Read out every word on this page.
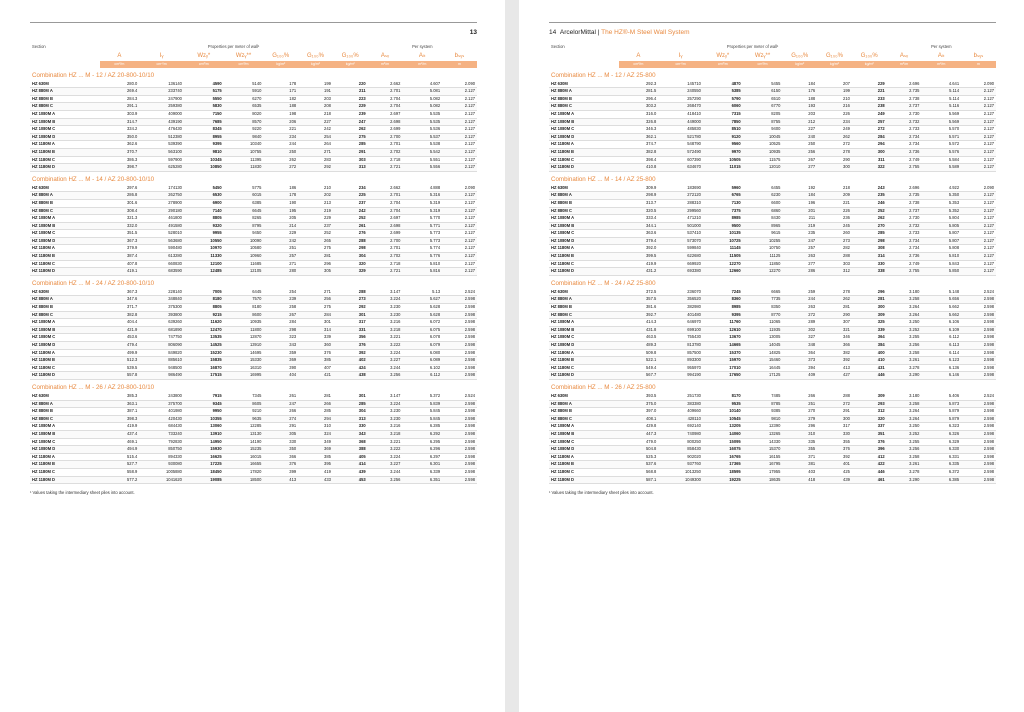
13
Section	Properties per meter of wall¹							Per system		
	A	Iᵧ	Wᴢᵧ*	Wᴢᵧ**	G₁₀₀%	G₁₀₀%	G₁₀₀%	Aₛᵥ	Aₗₜ	bₛᵧₛ
	cm²/m	cm⁴/m	cm³/m	cm³/m	kg/m²	kg/m²	kg/m²	m²/m	m²/m	m
Combination HZ ... M - 12 / AZ 20-800-10/10										
HZ 630M	280.0	136140	4590	5140	178	199	220	2.662	4.607	2.090
HZ 880M A	269.4	233740	5175	5910	171	191	211	2.701	5.081	2.127
HZ 880M B	284.3	247900	5550	6270	182	203	223	2.704	5.082	2.127
HZ 880M C	291.1	259380	5830	6535	188	208	229	2.704	5.082	2.127
HZ 1080M A	303.9	409000	7150	8020	198	218	239	2.697	5.535	2.127
HZ 1080M B	314.7	439190	7685	8570	206	227	247	2.698	5.535	2.127
HZ 1080M C	334.2	476430	8345	9220	221	242	262	2.699	5.536	2.127
HZ 1080M D	350.0	512380	8955	9840	234	254	275	2.700	5.537	2.127
HZ 1180M A	362.6	539390	9395	10340	244	264	285	2.701	5.538	2.127
HZ 1180M B	370.7	563100	9810	10755	250	271	291	2.702	5.542	2.127
HZ 1180M C	386.3	597900	10345	11395	262	283	303	2.718	5.551	2.127
HZ 1180M D	398.7	625280	10850	11830	272	292	313	2.721	5.556	2.127
Combination HZ ... M - 14 / AZ 20-800-10/10										
HZ 630M	297.6	174130	5450	5775	186	210	234	2.662	4.888	2.090
HZ 880M A	286.8	262750	6530	6015	178	202	225	2.701	5.316	2.127
HZ 880M B	301.6	278900	6900	6385	190	213	237	2.704	5.319	2.127
HZ 880M C	308.4	290180	7140	6645	195	219	242	2.704	5.319	2.127
HZ 1080M A	321.3	461800	8805	8265	205	229	252	2.697	5.770	2.127
HZ 1080M B	332.0	491580	9320	8795	214	237	261	2.698	5.771	2.127
HZ 1080M C	351.5	528010	9955	9450	229	252	276	2.699	5.773	2.127
HZ 1080M D	367.3	563680	10550	10090	242	265	288	2.700	5.773	2.127
HZ 1180M A	379.9	590480	10970	10580	251	275	298	2.701	5.774	2.127
HZ 1180M B	387.4	613280	11330	10960	257	281	304	2.702	5.776	2.127
HZ 1180M C	407.8	660830	12100	11685	271	296	320	2.718	5.810	2.127
HZ 1180M D	419.1	683590	12485	12105	280	305	329	2.721	5.816	2.127
Combination HZ ... M - 24 / AZ 20-800-10/10										
HZ 630M	367.3	228140	7005	6445	254	271	288	3.147	5.13	2.524
HZ 880M A	347.6	348840	8180	7570	239	256	273	3.224	5.627	2.598
HZ 880M B	371.7	375300	8805	8180	258	275	292	3.230	5.628	2.598
HZ 880M C	382.8	393800	9215	8600	267	284	301	3.230	5.628	2.598
HZ 1080M A	404.4	639260	11620	10935	284	301	317	3.216	6.072	2.598
HZ 1080M B	421.9	681890	12470	11800	298	314	331	3.218	6.075	2.598
HZ 1080M C	453.6	747750	13535	12870	323	339	356	3.221	6.078	2.598
HZ 1080M D	479.4	806090	14525	13910	343	360	376	3.222	6.079	2.598
HZ 1180M A	499.9	849820	15230	14695	359	376	392	3.224	6.080	2.598
HZ 1180M B	512.3	885610	15835	15330	369	385	402	3.227	6.089	2.598
HZ 1180M C	539.5	948500	16870	16310	390	407	424	3.244	6.102	2.598
HZ 1180M D	557.8	986490	17515	16995	404	421	438	3.256	6.112	2.598
Combination HZ ... M - 26 / AZ 20-800-10/10										
HZ 630M	385.3	243800	7915	7345	261	281	301	3.147	5.372	2.524
HZ 880M A	363.1	375700	9345	8605	247	266	285	3.224	5.839	2.598
HZ 880M B	387.1	401980	9950	9210	266	285	304	3.230	5.845	2.598
HZ 880M C	398.3	420430	10355	9635	274	294	313	3.230	5.845	2.598
HZ 1080M A	419.9	684430	13060	12285	291	310	330	3.216	6.285	2.598
HZ 1080M B	437.4	733240	13910	13130	305	324	343	3.218	6.292	2.598
HZ 1080M C	469.1	792830	14950	14190	330	349	368	3.221	6.295	2.598
HZ 1080M D	494.9	850750	15930	15235	350	369	388	3.222	6.296	2.598
HZ 1180M A	515.4	894330	16625	16015	366	385	405	3.224	6.297	2.598
HZ 1180M B	527.7	930080	17225	16655	376	395	414	3.227	6.301	2.598
HZ 1180M C	558.9	1005880	18450	17820	399	419	439	3.244	6.339	2.598
HZ 1180M D	577.2	1041620	19085	18500	413	433	453	3.256	6.351	2.598
¹ Values taking the intermediary sheet piles into account.
14 ArcelorMittal | The HZ®-M Steel Wall System
Section	Properties per meter of wall¹							Per system		
	A	Iᵧ	Wᴢᵧ*	Wᴢᵧ**	G₁₀₀%	G₁₀₀%	G₁₀₀%	Aₛᵥ	Aₗₜ	bₛᵧₛ
	cm²/m	cm⁴/m	cm³/m	cm³/m	kg/m²	kg/m²	kg/m²	m²/m	m²/m	m
Combination HZ ... M - 12 / AZ 25-800										
HZ 630M	292.3	145710	4870	5455	184	207	229	2.696	4.641	2.090
HZ 880M A	281.5	240550	5385	6150	176	199	221	2.735	5.114	2.127
HZ 880M B	296.4	257290	5790	6510	188	210	233	2.738	5.114	2.127
HZ 880M C	303.2	268470	6060	6770	193	216	238	2.737	5.116	2.127
HZ 1080M A	316.0	418410	7315	8205	203	226	249	2.730	5.569	2.127
HZ 1080M B	326.8	449000	7850	8755	212	234	257	2.732	5.569	2.127
HZ 1080M C	346.3	485830	8510	9400	227	249	272	2.733	5.570	2.127
HZ 1080M D	362.1	521780	9120	10045	240	262	284	2.734	5.571	2.127
HZ 1180M A	374.7	548790	9560	10525	250	272	294	2.734	5.572	2.127
HZ 1180M B	382.8	572490	9970	10935	256	278	300	2.736	5.576	2.127
HZ 1180M C	398.4	607390	10505	11575	267	290	311	2.749	5.584	2.127
HZ 1180M D	410.8	634670	11015	12010	277	300	322	2.755	5.589	2.127
Combination HZ ... M - 14 / AZ 25-800										
HZ 630M	309.9	183690	5960	6455	192	218	243	2.696	4.922	2.090
HZ 880M A	298.9	272120	6765	6230	184	209	235	2.735	5.350	2.127
HZ 880M B	313.7	288310	7130	6600	196	221	246	2.738	5.353	2.127
HZ 880M C	320.5	299560	7375	6860	201	226	252	2.737	5.352	2.127
HZ 1080M A	333.4	471210	8985	8430	211	236	262	2.730	5.804	2.127
HZ 1080M B	344.1	501000	9500	8965	219	245	270	2.732	5.805	2.127
HZ 1080M C	363.6	537410	10135	9615	235	260	285	2.733	5.807	2.127
HZ 1080M D	379.4	573070	10725	10255	247	273	298	2.734	5.807	2.127
HZ 1180M A	392.0	599840	11145	10750	257	282	308	2.734	5.808	2.127
HZ 1180M B	399.5	622680	11505	11125	263	288	314	2.736	5.810	2.127
HZ 1180M C	419.9	669920	12270	11850	277	303	330	2.749	5.843	2.127
HZ 1180M D	431.2	693380	12660	12270	286	312	338	2.755	5.850	2.127
Combination HZ ... M - 24 / AZ 25-800										
HZ 630M	372.5	236070	7245	6665	259	278	296	3.180	5.148	2.524
HZ 880M A	357.5	356520	8360	7735	244	262	281	3.258	5.656	2.598
HZ 880M B	381.6	382980	8985	8350	263	281	300	3.264	5.662	2.598
HZ 880M C	392.7	401480	9395	8770	272	290	309	3.264	5.662	2.598
HZ 1080M A	414.3	646970	11760	11065	289	307	325	3.250	6.106	2.598
HZ 1080M B	431.8	699100	12610	11935	302	321	339	3.252	6.109	2.598
HZ 1080M C	463.5	755430	13670	13005	327	346	364	3.255	6.112	2.598
HZ 1080M D	489.3	813780	14665	14045	348	366	384	3.256	6.113	2.598
HZ 1180M A	509.8	857500	15370	14825	364	382	400	3.258	6.114	2.598
HZ 1180M B	522.1	893300	15970	15460	373	392	410	3.261	6.123	2.598
HZ 1180M C	549.4	955970	17010	16445	394	413	431	3.278	6.136	2.598
HZ 1180M D	567.7	994190	17650	17125	409	427	446	3.290	6.146	2.598
Combination HZ ... M - 26 / AZ 25-800										
HZ 630M	393.5	251730	8170	7485	266	288	309	3.180	5.406	2.524
HZ 880M A	375.0	383380	9535	8785	251	272	293	3.258	5.873	2.598
HZ 880M B	397.0	409660	10140	9385	270	291	312	3.264	5.879	2.598
HZ 880M C	408.1	428110	10545	9810	279	300	320	3.264	5.879	2.598
HZ 1080M A	429.8	692140	13205	12390	296	317	337	3.250	6.323	2.598
HZ 1080M B	447.3	740980	14060	13265	310	330	351	3.252	6.326	2.598
HZ 1080M C	479.0	800250	15095	14330	335	355	376	3.255	6.329	2.598
HZ 1080M D	504.8	858430	16075	15370	355	376	396	3.256	6.330	2.598
HZ 1180M A	525.3	902020	16765	16155	371	392	412	3.258	6.331	2.598
HZ 1180M B	537.6	937760	17365	16795	381	401	422	3.261	6.335	2.598
HZ 1180M C	568.8	1013250	18595	17955	403	425	446	3.278	6.372	2.598
HZ 1180M D	587.1	1049300	19225	18635	418	439	461	3.290	6.385	2.598
¹ Values taking the intermediary sheet piles into account.
